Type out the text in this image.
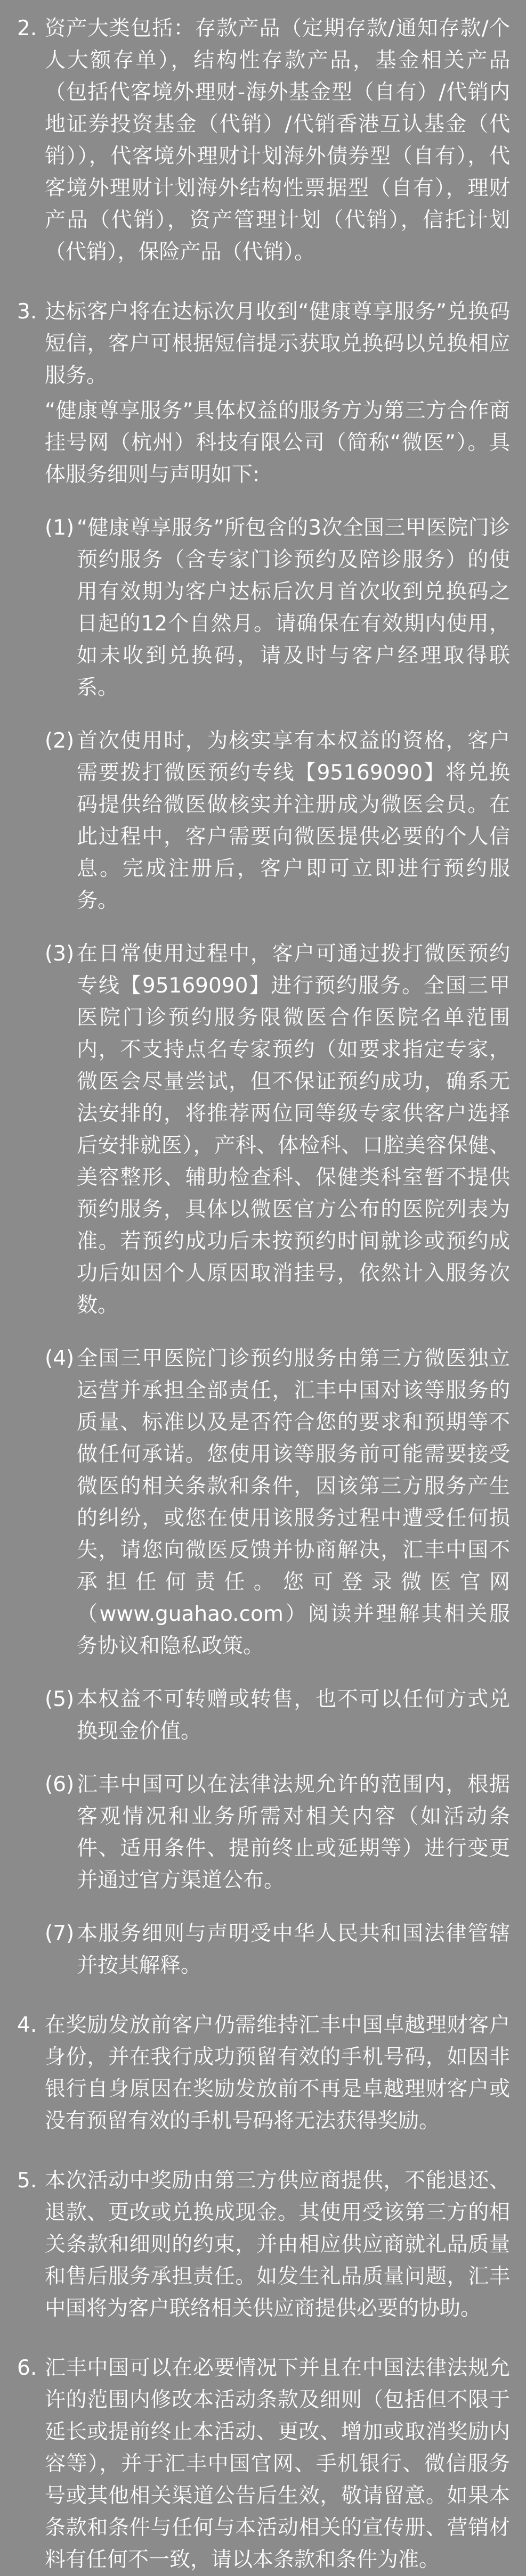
2. 资产大类包括：存款产品（定期存款/通知存款/个人大额存单），结构性存款产品，基金相关产品（包括代客境外理财-海外基金型（自有）/代销内地证券投资基金（代销）/代销香港互认基金（代销）），代客境外理财计划海外债券型（自有），代客境外理财计划海外结构性票据型（自有），理财产品（代销），资产管理计划（代销），信托计划（代销），保险产品（代销）。
3. 达标客户将在达标次月收到“健康尊享服务”兑换码短信，客户可根据短信提示获取兑换码以兑换相应服务。
“健康尊享服务”具体权益的服务方为第三方合作商挂号网（杭州）科技有限公司（简称“微医”）。具体服务细则与声明如下:
(1) “健康尊享服务”所包含的3次全国三甲医院门诊预约服务（含专家门诊预约及陪诊服务）的使用有效期为客户达标后次月首次收到兑换码之日起的12个自然月。请确保在有效期内使用，如未收到兑换码，请及时与客户经理取得联系。
(2) 首次使用时，为核实享有本权益的资格，客户需要拨打微医预约专线【95169090】将兑换码提供给微医做核实并注册成为微医会员。在此过程中，客户需要向微医提供必要的个人信息。完成注册后，客户即可立即进行预约服务。
(3) 在日常使用过程中，客户可通过拨打微医预约专线【95169090】进行预约服务。全国三甲医院门诊预约服务限微医合作医院名单范围内，不支持点名专家预约（如要求指定专家，微医会尽量尝试，但不保证预约成功，确系无法安排的，将推荐两位同等级专家供客户选择后安排就医），产科、体检科、口腔美容保健、美容整形、辅助检查科、保健类科室暂不提供预约服务，具体以微医官方公布的医院列表为准。若预约成功后未按预约时间就诊或预约成功后如因个人原因取消挂号，依然计入服务次数。
(4) 全国三甲医院门诊预约服务由第三方微医独立运营并承担全部责任，汇丰中国对该等服务的质量、标准以及是否符合您的要求和预期等不做任何承诺。您使用该等服务前可能需要接受微医的相关条款和条件，因该第三方服务产生的纠纷，或您在使用该服务过程中遭受任何损失，请您向微医反馈并协商解决，汇丰中国不承担任何责任。您可登录微医官网（www.guahao.com）阅读并理解其相关服务协议和隐私政策。
(5) 本权益不可转赠或转售，也不可以任何方式兑换现金价值。
(6) 汇丰中国可以在法律法规允许的范围内，根据客观情况和业务所需对相关内容（如活动条件、适用条件、提前终止或延期等）进行变更并通过官方渠道公布。
(7) 本服务细则与声明受中华人民共和国法律管辖并按其解释。
4. 在奖励发放前客户仍需维持汇丰中国卓越理财客户身份，并在我行成功预留有效的手机号码，如因非银行自身原因在奖励发放前不再是卓越理财客户或没有预留有效的手机号码将无法获得奖励。
5. 本次活动中奖励由第三方供应商提供，不能退还、退款、更改或兑换成现金。其使用受该第三方的相关条款和细则的约束，并由相应供应商就礼品质量和售后服务承担责任。如发生礼品质量问题，汇丰中国将为客户联络相关供应商提供必要的协助。
6. 汇丰中国可以在必要情况下并且在中国法律法规允许的范围内修改本活动条款及细则（包括但不限于延长或提前终止本活动、更改、增加或取消奖励内容等），并于汇丰中国官网、手机银行、微信服务号或其他相关渠道公告后生效，敬请留意。如果本条款和条件与任何与本活动相关的宣传册、营销材料有任何不一致，请以本条款和条件为准。
